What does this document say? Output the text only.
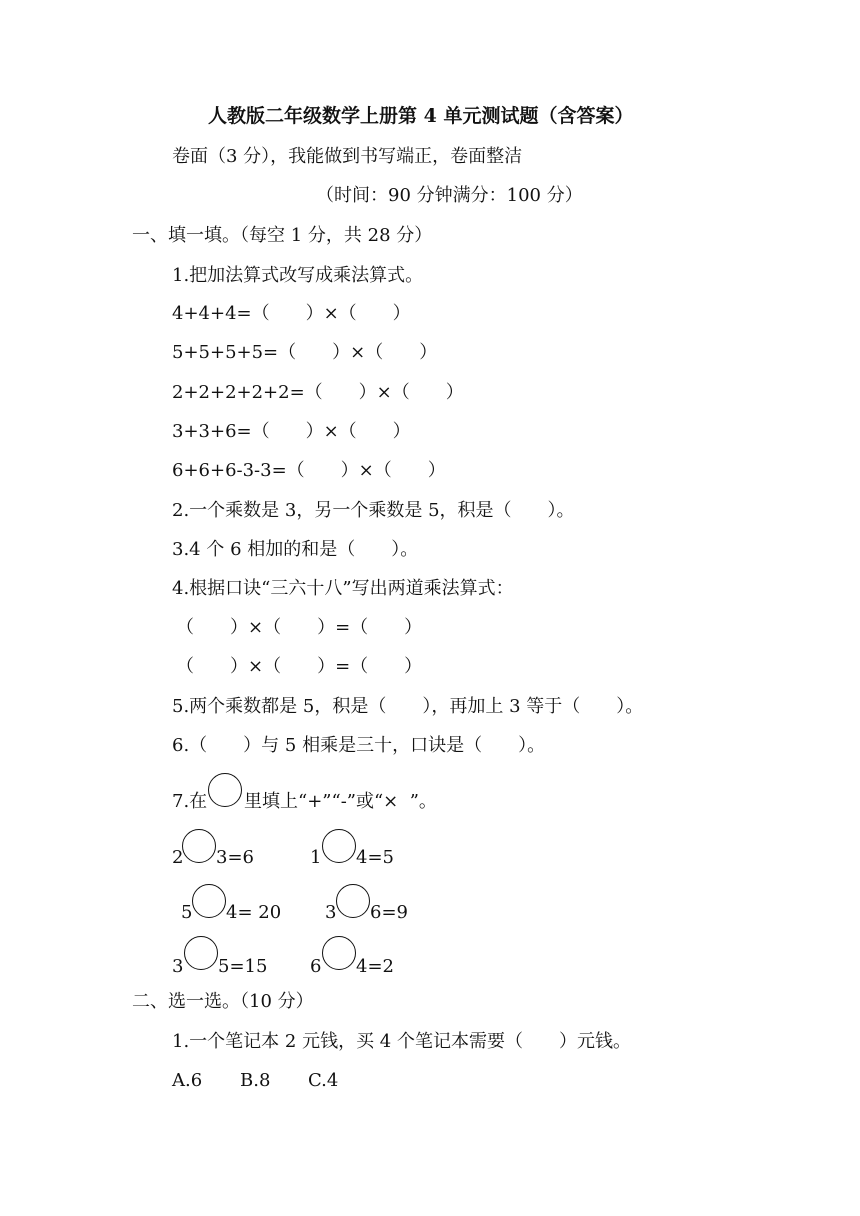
人教版二年级数学上册第 4 单元测试题（含答案）
卷面（3 分），我能做到书写端正，卷面整洁
（时间：90 分钟满分：100 分）
一、填一填。（每空 1 分，共 28 分）
1.把加法算式改写成乘法算式。
4+4+4=（　　）×（　　）
5+5+5+5=（　　）×（　　）
2+2+2+2+2=（　　）×（　　）
3+3+6=（　　）×（　　）
6+6+6-3-3=（　　）×（　　）
2.一个乘数是 3，另一个乘数是 5，积是（　　）。
3.4 个 6 相加的和是（　　）。
4.根据口诀“三六十八”写出两道乘法算式：
（　　）×（　　）=（　　）
（　　）×（　　）=（　　）
5.两个乘数都是 5，积是（　　），再加上 3 等于（　　）。
6.（　　）与 5 相乘是三十，口诀是（　　）。
7.在 里填上“+”“-”或“×  ”。
2 3=6	1 4=5
5 4= 20 3 6=9
3 5=15 6 4=2
二、选一选。（10 分）
1.一个笔记本 2 元钱，买 4 个笔记本需要（　　）元钱。
A.6 B.8 C.4
